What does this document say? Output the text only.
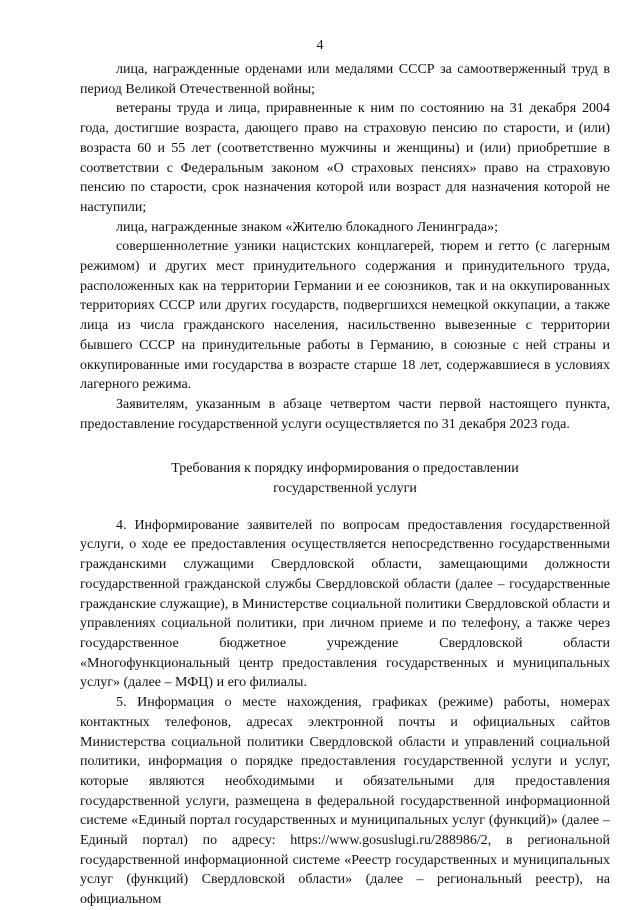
4

лица, награжденные орденами или медалями СССР за самоотверженный труд в период Великой Отечественной войны;

ветераны труда и лица, приравненные к ним по состоянию на 31 декабря 2004 года, достигшие возраста, дающего право на страховую пенсию по старости, и (или) возраста 60 и 55 лет (соответственно мужчины и женщины) и (или) приобретшие в соответствии с Федеральным законом «О страховых пенсиях» право на страховую пенсию по старости, срок назначения которой или возраст для назначения которой не наступили;

лица, награжденные знаком «Жителю блокадного Ленинграда»;

совершеннолетние узники нацистских концлагерей, тюрем и гетто (с лагерным режимом) и других мест принудительного содержания и принудительного труда, расположенных как на территории Германии и ее союзников, так и на оккупированных территориях СССР или других государств, подвергшихся немецкой оккупации, а также лица из числа гражданского населения, насильственно вывезенные с территории бывшего СССР на принудительные работы в Германию, в союзные с ней страны и оккупированные ими государства в возрасте старше 18 лет, содержавшиеся в условиях лагерного режима.

Заявителям, указанным в абзаце четвертом части первой настоящего пункта, предоставление государственной услуги осуществляется по 31 декабря 2023 года.

Требования к порядку информирования о предоставлении
государственной услуги

4. Информирование заявителей по вопросам предоставления государственной услуги, о ходе ее предоставления осуществляется непосредственно государственными гражданскими служащими Свердловской области, замещающими должности государственной гражданской службы Свердловской области (далее – государственные гражданские служащие), в Министерстве социальной политики Свердловской области и управлениях социальной политики, при личном приеме и по телефону, а также через государственное бюджетное учреждение Свердловской области «Многофункциональный центр предоставления государственных и муниципальных услуг» (далее – МФЦ) и его филиалы.

5. Информация о месте нахождения, графиках (режиме) работы, номерах контактных телефонов, адресах электронной почты и официальных сайтов Министерства социальной политики Свердловской области и управлений социальной политики, информация о порядке предоставления государственной услуги и услуг, которые являются необходимыми и обязательными для предоставления государственной услуги, размещена в федеральной государственной информационной системе «Единый портал государственных и муниципальных услуг (функций)» (далее – Единый портал) по адресу: https://www.gosuslugi.ru/288986/2, в региональной государственной информационной системе «Реестр государственных и муниципальных услуг (функций) Свердловской области» (далее – региональный реестр), на официальном
